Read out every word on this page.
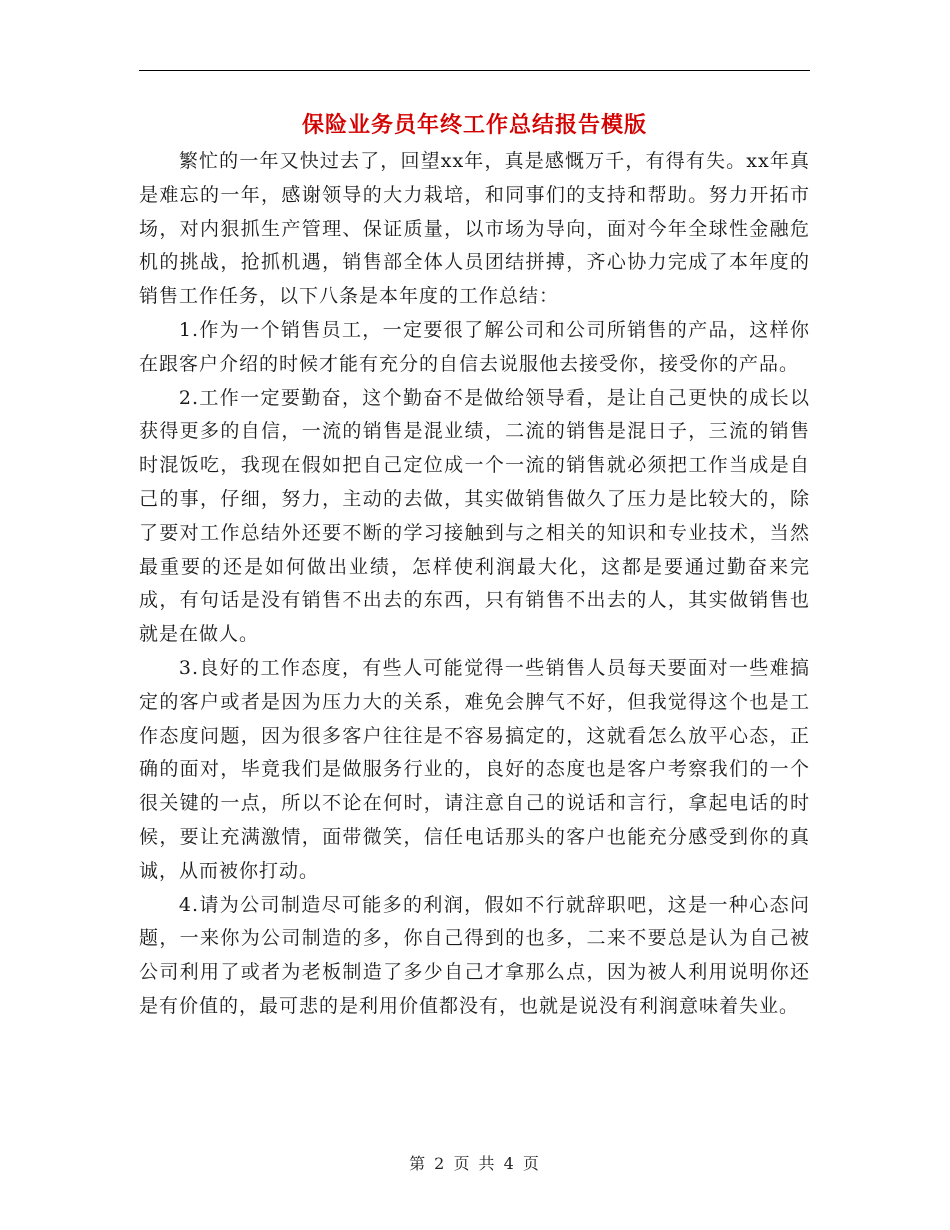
保险业务员年终工作总结报告模版

繁忙的一年又快过去了，回望xx年，真是感慨万千，有得有失。xx年真是难忘的一年，感谢领导的大力栽培，和同事们的支持和帮助。努力开拓市场，对内狠抓生产管理、保证质量，以市场为导向，面对今年全球性金融危机的挑战，抢抓机遇，销售部全体人员团结拼搏，齐心协力完成了本年度的销售工作任务，以下八条是本年度的工作总结：

1.作为一个销售员工，一定要很了解公司和公司所销售的产品，这样你在跟客户介绍的时候才能有充分的自信去说服他去接受你，接受你的产品。

2.工作一定要勤奋，这个勤奋不是做给领导看，是让自己更快的成长以获得更多的自信，一流的销售是混业绩，二流的销售是混日子，三流的销售时混饭吃，我现在假如把自己定位成一个一流的销售就必须把工作当成是自己的事，仔细，努力，主动的去做，其实做销售做久了压力是比较大的，除了要对工作总结外还要不断的学习接触到与之相关的知识和专业技术，当然最重要的还是如何做出业绩，怎样使利润最大化，这都是要通过勤奋来完成，有句话是没有销售不出去的东西，只有销售不出去的人，其实做销售也就是在做人。

3.良好的工作态度，有些人可能觉得一些销售人员每天要面对一些难搞定的客户或者是因为压力大的关系，难免会脾气不好，但我觉得这个也是工作态度问题，因为很多客户往往是不容易搞定的，这就看怎么放平心态，正确的面对，毕竟我们是做服务行业的，良好的态度也是客户考察我们的一个很关键的一点，所以不论在何时，请注意自己的说话和言行，拿起电话的时候，要让充满激情，面带微笑，信任电话那头的客户也能充分感受到你的真诚，从而被你打动。

4.请为公司制造尽可能多的利润，假如不行就辞职吧，这是一种心态问题，一来你为公司制造的多，你自己得到的也多，二来不要总是认为自己被公司利用了或者为老板制造了多少自己才拿那么点，因为被人利用说明你还是有价值的，最可悲的是利用价值都没有，也就是说没有利润意味着失业。

第 2 页 共 4 页
